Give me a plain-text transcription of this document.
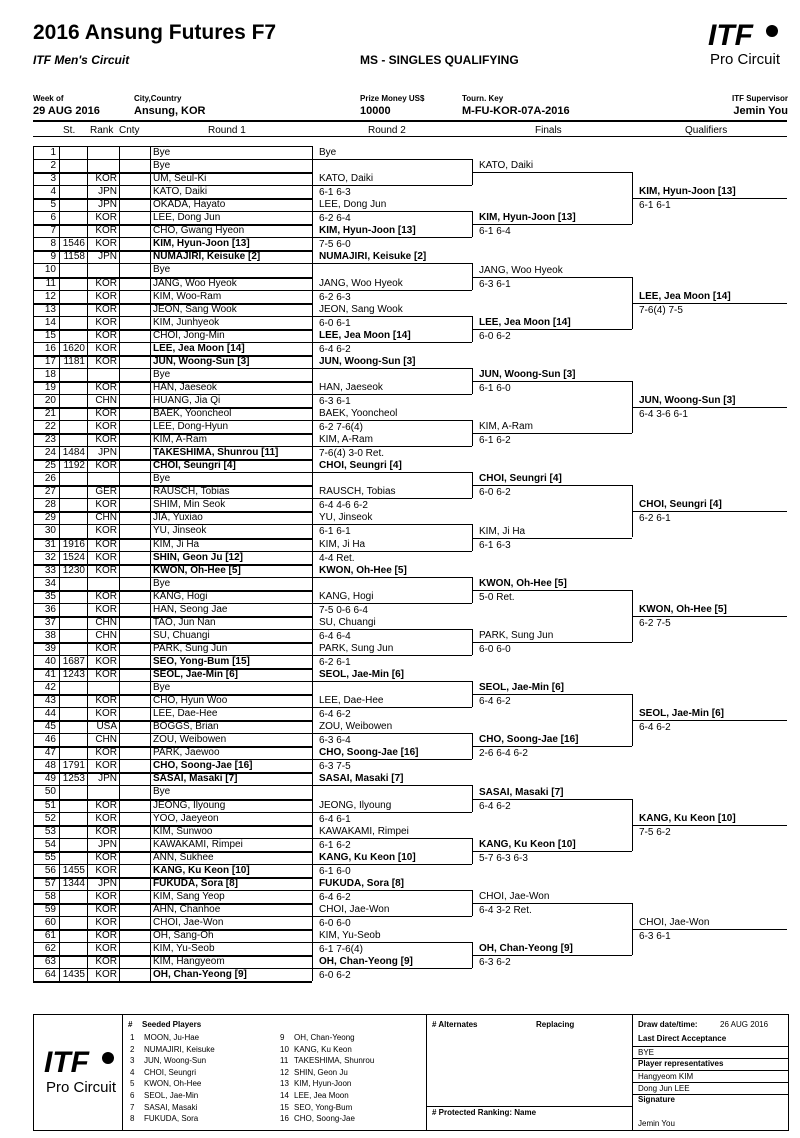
2016 Ansung Futures F7
ITF Men's Circuit	MS - SINGLES QUALIFYING
ITF
Pro Circuit
Week of
29 AUG 2016
City,Country
Ansung, KOR
Prize Money US$
10000
Tourn. Key
M-FU-KOR-07A-2016
ITF Supervisor
Jemin You
St. Rank Cnty	Round 1	Round 2	Finals	Qualifiers
1	Bye
2	Bye
3	KOR	UM, Seul-Ki
4	JPN	KATO, Daiki
5	JPN	OKADA, Hayato
6	KOR	LEE, Dong Jun
7	KOR	CHO, Gwang Hyeon
8 1546	KOR	KIM, Hyun-Joon [13]
9 1158	JPN	NUMAJIRI, Keisuke [2]
10	Bye
11	KOR	JANG, Woo Hyeok
12	KOR	KIM, Woo-Ram
13	KOR	JEON, Sang Wook
14	KOR	KIM, Junhyeok
15	KOR	CHOI, Jong-Min
16 1620	KOR	LEE, Jea Moon [14]
17 1181	KOR	JUN, Woong-Sun [3]
18	Bye
19	KOR	HAN, Jaeseok
20	CHN	HUANG, Jia Qi
21	KOR	BAEK, Yooncheol
22	KOR	LEE, Dong-Hyun
23	KOR	KIM, A-Ram
24 1484	JPN	TAKESHIMA, Shunrou [11]
25 1192	KOR	CHOI, Seungri [4]
26	Bye
27	GER	RAUSCH, Tobias
28	KOR	SHIM, Min Seok
29	CHN	JIA, Yuxiao
30	KOR	YU, Jinseok
31 1916	KOR	KIM, Ji Ha
32 1524	KOR	SHIN, Geon Ju [12]
33 1230	KOR	KWON, Oh-Hee [5]
34	Bye
35	KOR	KANG, Hogi
36	KOR	HAN, Seong Jae
37	CHN	TAO, Jun Nan
38	CHN	SU, Chuangi
39	KOR	PARK, Sung Jun
40 1687	KOR	SEO, Yong-Bum [15]
41 1243	KOR	SEOL, Jae-Min [6]
42	Bye
43	KOR	CHO, Hyun Woo
44	KOR	LEE, Dae-Hee
45	USA	BOGGS, Brian
46	CHN	ZOU, Weibowen
47	KOR	PARK, Jaewoo
48 1791	KOR	CHO, Soong-Jae [16]
49 1253	JPN	SASAI, Masaki [7]
50	Bye
51	KOR	JEONG, Ilyoung
52	KOR	YOO, Jaeyeon
53	KOR	KIM, Sunwoo
54	JPN	KAWAKAMI, Rimpei
55	KOR	ANN, Sukhee
56 1455	KOR	KANG, Ku Keon [10]
57 1344	JPN	FUKUDA, Sora [8]
58	KOR	KIM, Sang Yeop
59	KOR	AHN, Chanhoe
60	KOR	CHOI, Jae-Won
61	KOR	OH, Sang-Oh
62	KOR	KIM, Yu-Seob
63	KOR	KIM, Hangyeom
64 1435	KOR	OH, Chan-Yeong [9]
Bye
KATO, Daiki
6-1 6-3
LEE, Dong Jun
6-2 6-4
KIM, Hyun-Joon [13]
7-5 6-0
NUMAJIRI, Keisuke [2]
JANG, Woo Hyeok
6-2 6-3
JEON, Sang Wook
6-0 6-1
LEE, Jea Moon [14]
6-4 6-2
JUN, Woong-Sun [3]
HAN, Jaeseok
6-3 6-1
BAEK, Yooncheol
6-2 7-6(4)
KIM, A-Ram
7-6(4) 3-0 Ret.
CHOI, Seungri [4]
RAUSCH, Tobias
6-4 4-6 6-2
YU, Jinseok
6-1 6-1
KIM, Ji Ha
4-4 Ret.
KWON, Oh-Hee [5]
KANG, Hogi
7-5 0-6 6-4
SU, Chuangi
6-4 6-4
PARK, Sung Jun
6-2 6-1
SEOL, Jae-Min [6]
LEE, Dae-Hee
6-4 6-2
ZOU, Weibowen
6-3 6-4
CHO, Soong-Jae [16]
6-3 7-5
SASAI, Masaki [7]
JEONG, Ilyoung
6-4 6-1
KAWAKAMI, Rimpei
6-1 6-2
KANG, Ku Keon [10]
6-1 6-0
FUKUDA, Sora [8]
6-4 6-2
CHOI, Jae-Won
6-0 6-0
KIM, Yu-Seob
6-1 7-6(4)
OH, Chan-Yeong [9]
6-0 6-2
KATO, Daiki
KIM, Hyun-Joon [13]
6-1 6-4
JANG, Woo Hyeok
6-3 6-1
LEE, Jea Moon [14]
6-0 6-2
JUN, Woong-Sun [3]
6-1 6-0
KIM, A-Ram
6-1 6-2
CHOI, Seungri [4]
6-0 6-2
KIM, Ji Ha
6-1 6-3
KWON, Oh-Hee [5]
5-0 Ret.
PARK, Sung Jun
6-0 6-0
SEOL, Jae-Min [6]
6-4 6-2
CHO, Soong-Jae [16]
2-6 6-4 6-2
SASAI, Masaki [7]
6-4 6-2
KANG, Ku Keon [10]
5-7 6-3 6-3
CHOI, Jae-Won
6-4 3-2 Ret.
OH, Chan-Yeong [9]
6-3 6-2
KIM, Hyun-Joon [13]
6-1 6-1
LEE, Jea Moon [14]
7-6(4) 7-5
JUN, Woong-Sun [3]
6-4 3-6 6-1
CHOI, Seungri [4]
6-2 6-1
KWON, Oh-Hee [5]
6-2 7-5
SEOL, Jae-Min [6]
6-4 6-2
KANG, Ku Keon [10]
7-5 6-2
CHOI, Jae-Won
6-3 6-1
ITF
Pro Circuit
# Seeded Players
1 MOON, Ju-Hae
2 NUMAJIRI, Keisuke
3 JUN, Woong-Sun
4 CHOI, Seungri
5 KWON, Oh-Hee
6 SEOL, Jae-Min
7 SASAI, Masaki
8 FUKUDA, Sora
9 OH, Chan-Yeong
10 KANG, Ku Keon
11 TAKESHIMA, Shunrou
12 SHIN, Geon Ju
13 KIM, Hyun-Joon
14 LEE, Jea Moon
15 SEO, Yong-Bum
16 CHO, Soong-Jae
# Alternates	Replacing
# Protected Ranking: Name
Draw date/time:	26 AUG 2016
Last Direct Acceptance
BYE
Player representatives
Hangyeom KIM
Dong Jun LEE
Signature
Jemin You
